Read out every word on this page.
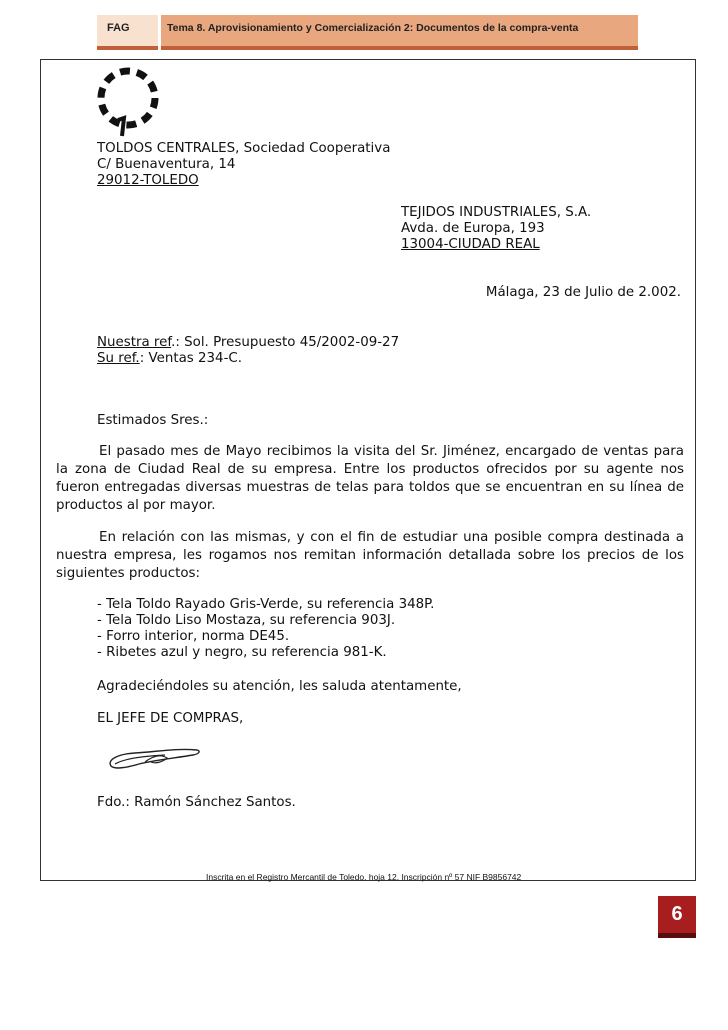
FAG	Tema 8. Aprovisionamiento y Comercialización 2: Documentos de la compra-venta
TOLDOS CENTRALES, Sociedad Cooperativa
C/ Buenaventura, 14
29012-TOLEDO
TEJIDOS INDUSTRIALES, S.A.
Avda. de Europa, 193
13004-CIUDAD REAL
Málaga, 23 de Julio de 2.002.
Nuestra ref.: Sol. Presupuesto 45/2002-09-27
Su ref.: Ventas 234-C.
Estimados Sres.:
El pasado mes de Mayo recibimos la visita del Sr. Jiménez, encargado de ventas para la zona de Ciudad Real de su empresa. Entre los productos ofrecidos por su agente nos fueron entregadas diversas muestras de telas para toldos que se encuentran en su línea de productos al por mayor.
En relación con las mismas, y con el fin de estudiar una posible compra destinada a nuestra empresa, les rogamos nos remitan información detallada sobre los precios de los siguientes productos:
- Tela Toldo Rayado Gris-Verde, su referencia 348P.
- Tela Toldo Liso Mostaza, su referencia 903J.
- Forro interior, norma DE45.
- Ribetes azul y negro, su referencia 981-K.
Agradeciéndoles su atención, les saluda atentamente,
EL JEFE DE COMPRAS,
Fdo.: Ramón Sánchez Santos.
Inscrita en el Registro Mercantil de Toledo, hoja 12, Inscripción nº 57 NIF B9856742
6
